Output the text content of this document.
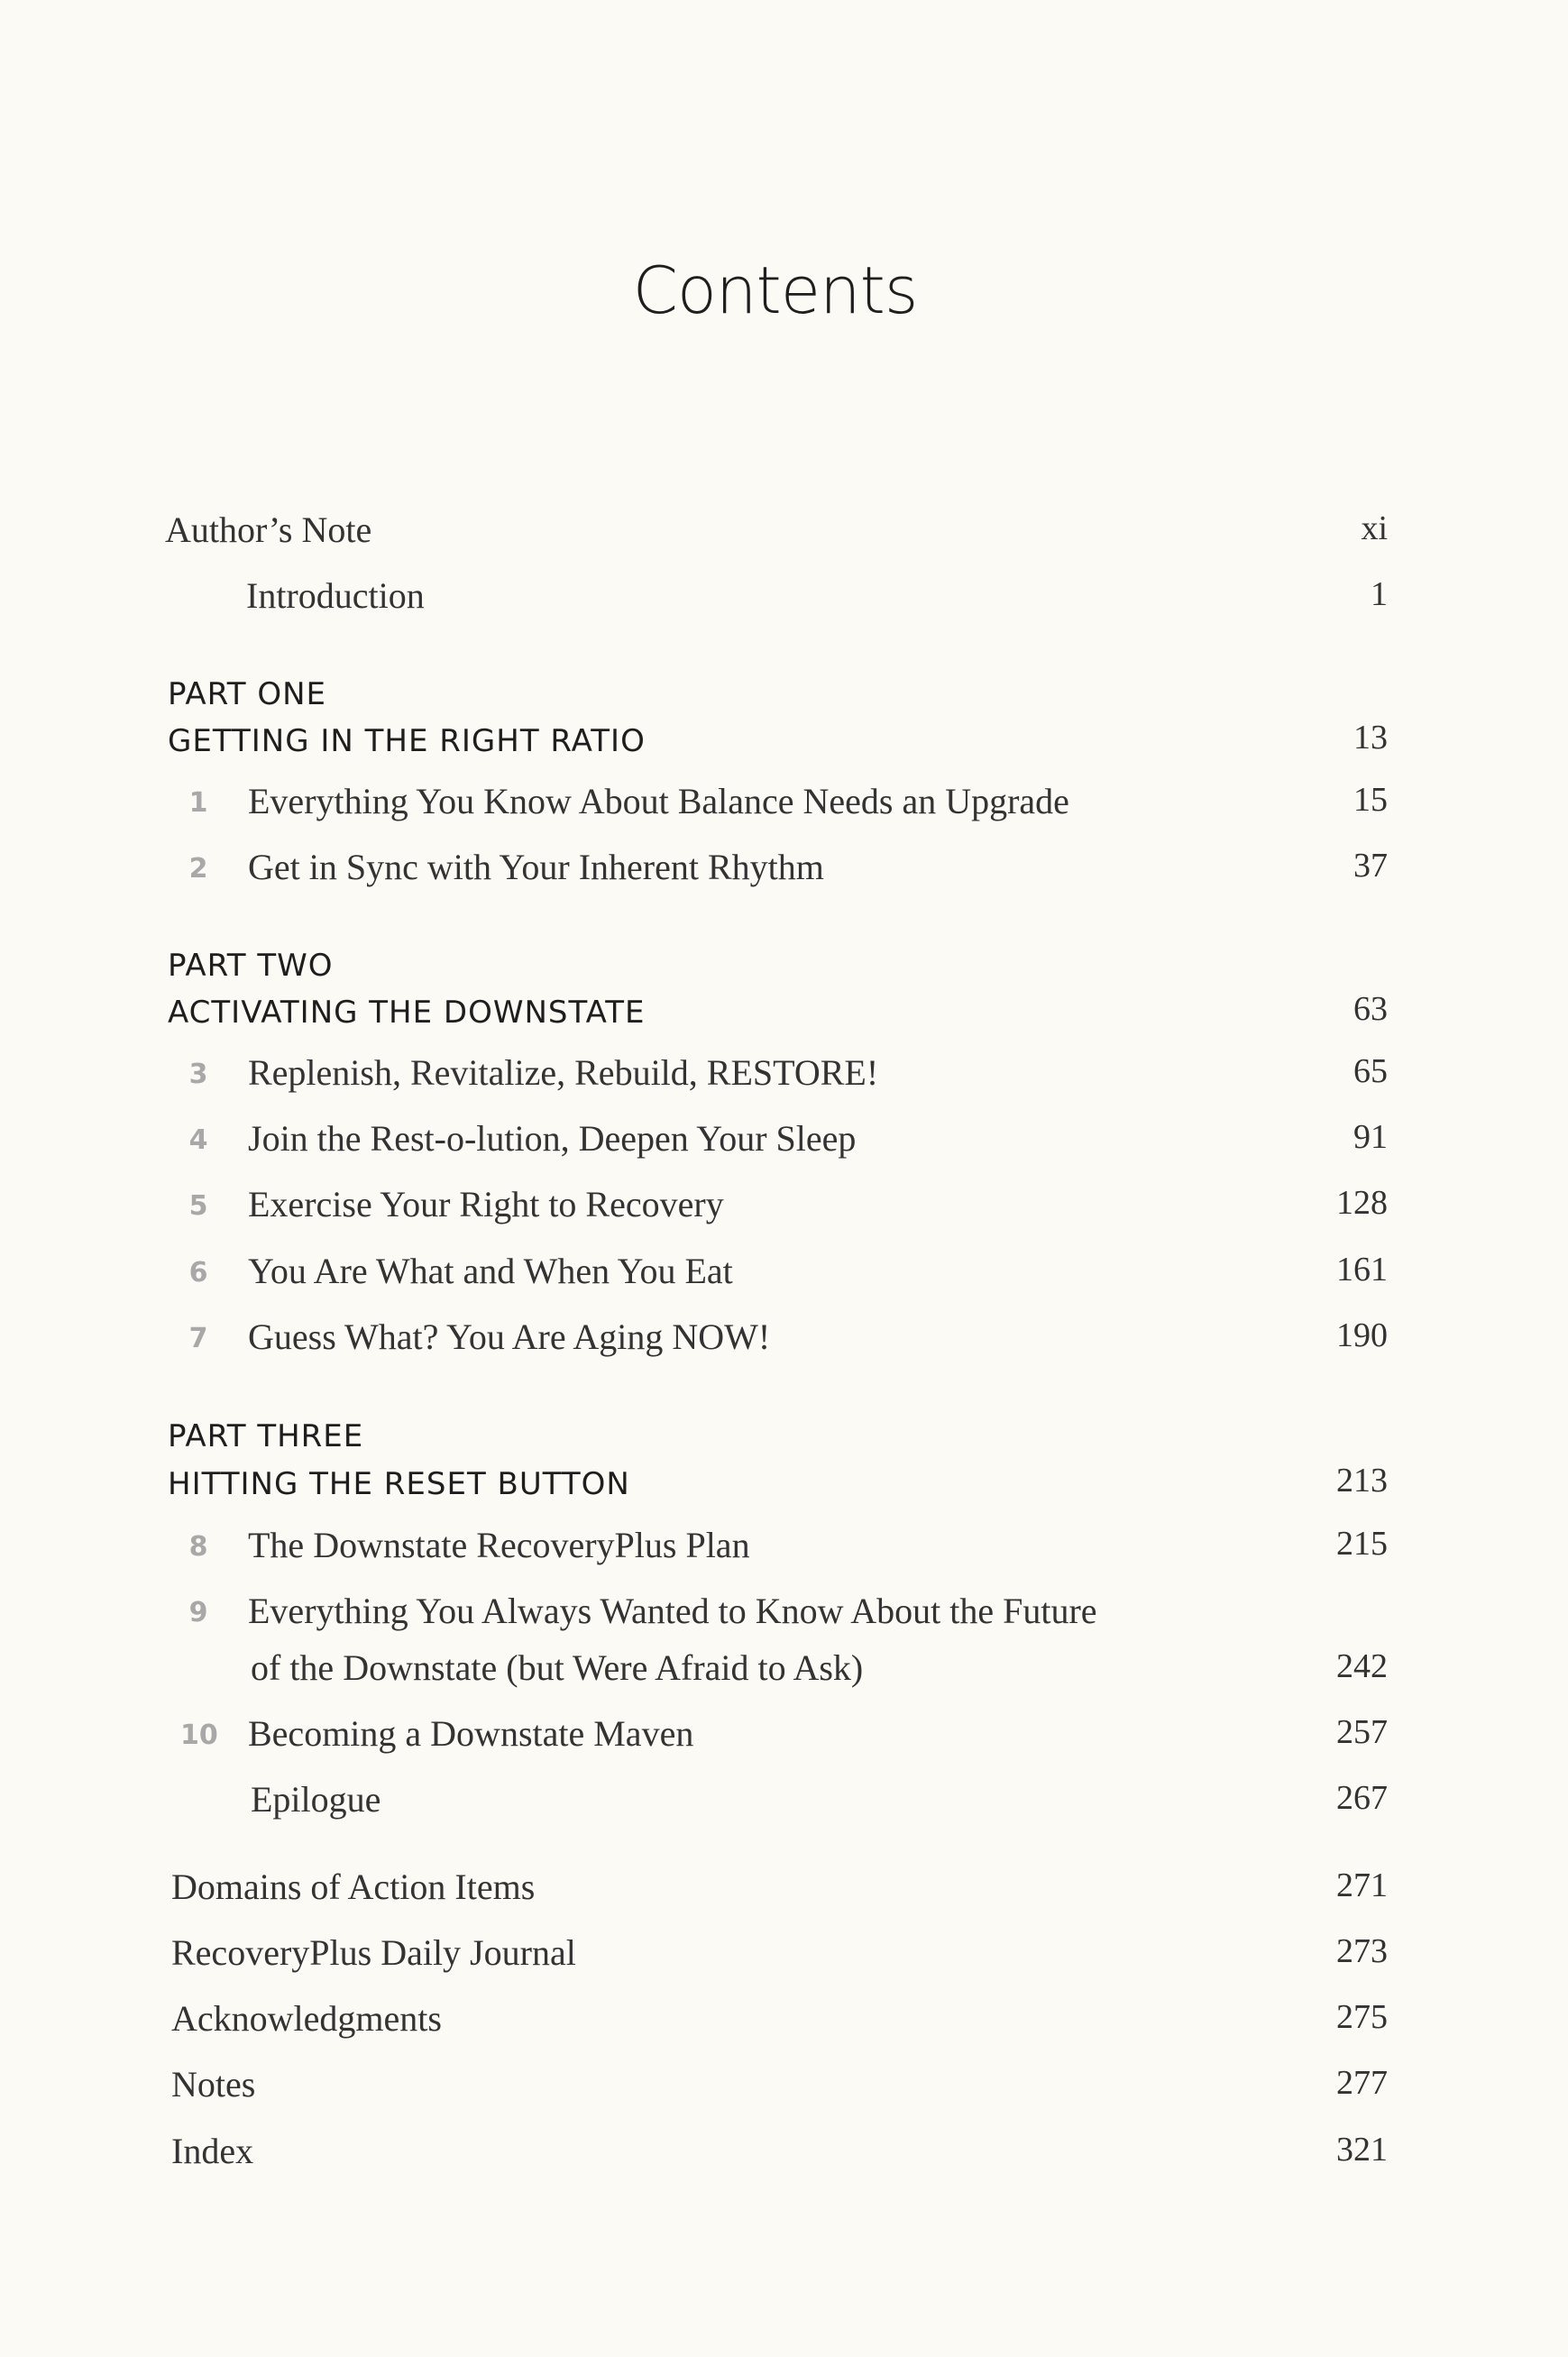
Contents
Author’s Note	xi
Introduction	1
PART ONE
GETTING IN THE RIGHT RATIO	13
1 Everything You Know About Balance Needs an Upgrade	15
2 Get in Sync with Your Inherent Rhythm	37
PART TWO
ACTIVATING THE DOWNSTATE	63
3 Replenish, Revitalize, Rebuild, RESTORE!	65
4 Join the Rest-o-lution, Deepen Your Sleep	91
5 Exercise Your Right to Recovery	128
6 You Are What and When You Eat	161
7 Guess What? You Are Aging NOW!	190
PART THREE
HITTING THE RESET BUTTON	213
8 The Downstate RecoveryPlus Plan	215
9 Everything You Always Wanted to Know About the Future
of the Downstate (but Were Afraid to Ask)	242
10 Becoming a Downstate Maven	257
Epilogue	267
Domains of Action Items	271
RecoveryPlus Daily Journal	273
Acknowledgments	275
Notes	277
Index	321
